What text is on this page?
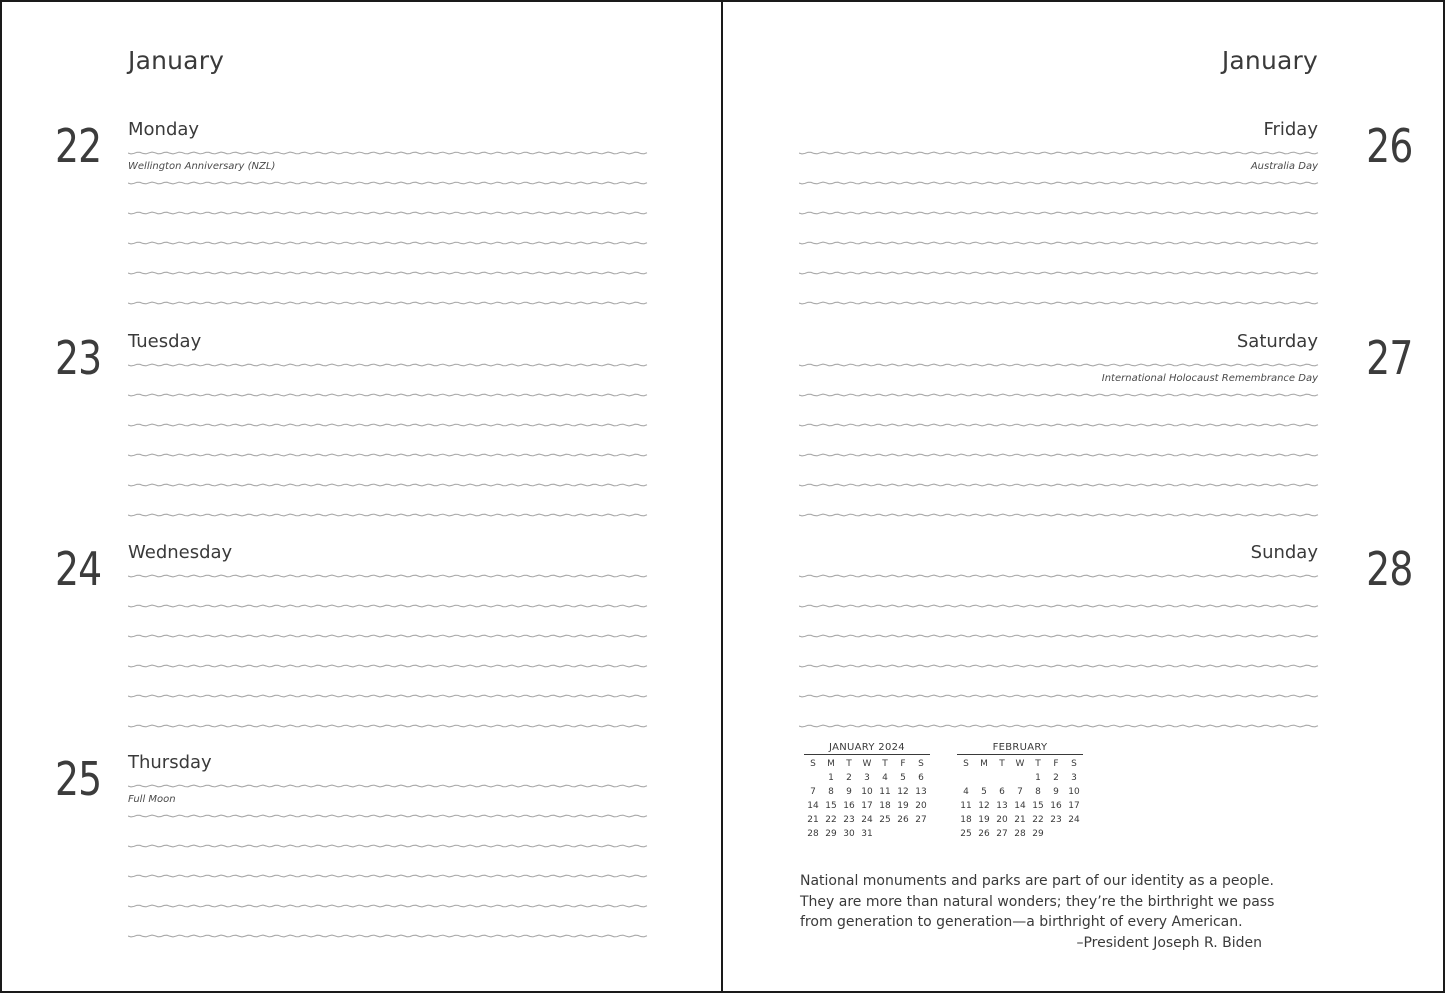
January
22 Monday
Wellington Anniversary (NZL)
23 Tuesday
24 Wednesday
25 Thursday
Full Moon
January
26
Friday
Australia Day
27
Saturday
International Holocaust Remembrance Day
28
Sunday
JANUARY 2024
S	M	T	W	T	F	S
	1	2	3	4	5	6
7	8	9	10	11	12	13
14	15	16	17	18	19	20
21	22	23	24	25	26	27
28	29	30	31			
FEBRUARY
S	M	T	W	T	F	S
				1	2	3
4	5	6	7	8	9	10
11	12	13	14	15	16	17
18	19	20	21	22	23	24
25	26	27	28	29		
National monuments and parks are part of our identity as a people.
They are more than natural wonders; they’re the birthright we pass
from generation to generation—a birthright of every American.
–President Joseph R. Biden
